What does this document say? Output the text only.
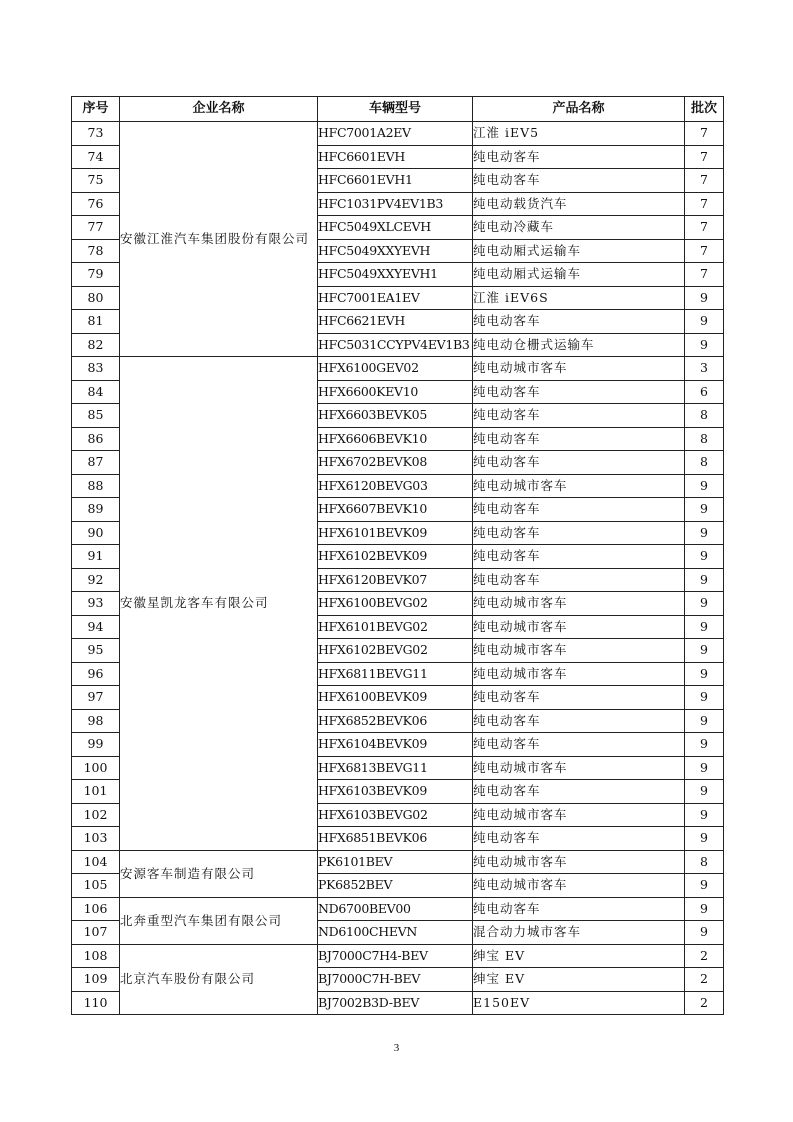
序号	企业名称	车辆型号	产品名称	批次
73	安徽江淮汽车集团股份有限公司	HFC7001A2EV	江淮 iEV5	7
74		HFC6601EVH	纯电动客车	7
75		HFC6601EVH1	纯电动客车	7
76		HFC1031PV4EV1B3	纯电动载货汽车	7
77		HFC5049XLCEVH	纯电动冷藏车	7
78		HFC5049XXYEVH	纯电动厢式运输车	7
79		HFC5049XXYEVH1	纯电动厢式运输车	7
80		HFC7001EA1EV	江淮 iEV6S	9
81		HFC6621EVH	纯电动客车	9
82		HFC5031CCYPV4EV1B3	纯电动仓栅式运输车	9
83	安徽星凯龙客车有限公司	HFX6100GEV02	纯电动城市客车	3
84		HFX6600KEV10	纯电动客车	6
85		HFX6603BEVK05	纯电动客车	8
86		HFX6606BEVK10	纯电动客车	8
87		HFX6702BEVK08	纯电动客车	8
88		HFX6120BEVG03	纯电动城市客车	9
89		HFX6607BEVK10	纯电动客车	9
90		HFX6101BEVK09	纯电动客车	9
91		HFX6102BEVK09	纯电动客车	9
92		HFX6120BEVK07	纯电动客车	9
93		HFX6100BEVG02	纯电动城市客车	9
94		HFX6101BEVG02	纯电动城市客车	9
95		HFX6102BEVG02	纯电动城市客车	9
96		HFX6811BEVG11	纯电动城市客车	9
97		HFX6100BEVK09	纯电动客车	9
98		HFX6852BEVK06	纯电动客车	9
99		HFX6104BEVK09	纯电动客车	9
100		HFX6813BEVG11	纯电动城市客车	9
101		HFX6103BEVK09	纯电动客车	9
102		HFX6103BEVG02	纯电动城市客车	9
103		HFX6851BEVK06	纯电动客车	9
104	安源客车制造有限公司	PK6101BEV	纯电动城市客车	8
105		PK6852BEV	纯电动城市客车	9
106	北奔重型汽车集团有限公司	ND6700BEV00	纯电动客车	9
107		ND6100CHEVN	混合动力城市客车	9
108	北京汽车股份有限公司	BJ7000C7H4-BEV	绅宝 EV	2
109		BJ7000C7H-BEV	绅宝 EV	2
110		BJ7002B3D-BEV	E150EV	2
3
